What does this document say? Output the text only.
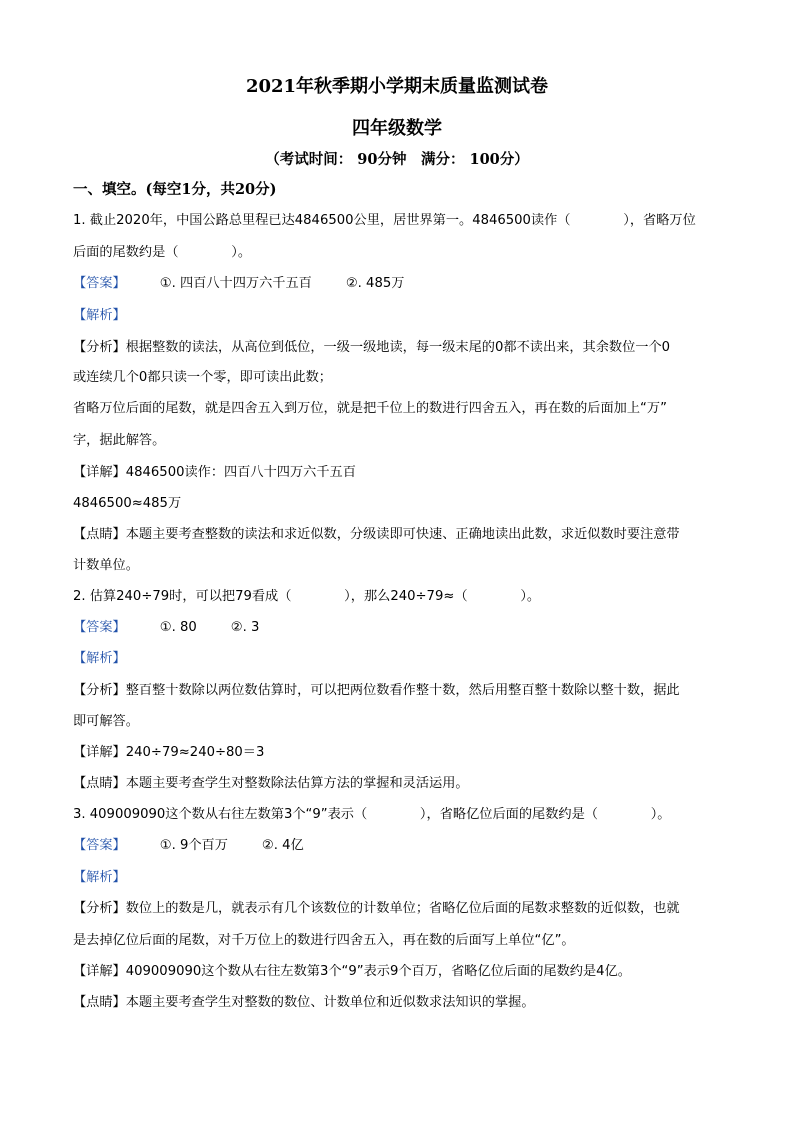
2021年秋季期小学期末质量监测试卷
四年级数学
（考试时间： 90分钟　满分： 100分）
一、填空。(每空1分，共20分)
1. 截止2020年，中国公路总里程已达4846500公里，居世界第一。4846500读作（　　　　），省略万位
后面的尾数约是（　　　　）。
【答案】	①. 四百八十四万六千五百	②. 485万
【解析】
【分析】根据整数的读法，从高位到低位，一级一级地读，每一级末尾的0都不读出来，其余数位一个0
或连续几个0都只读一个零，即可读出此数；
省略万位后面的尾数，就是四舍五入到万位，就是把千位上的数进行四舍五入，再在数的后面加上“万”
字，据此解答。
【详解】4846500读作：四百八十四万六千五百
4846500≈485万
【点睛】本题主要考查整数的读法和求近似数，分级读即可快速、正确地读出此数，求近似数时要注意带
计数单位。
2. 估算240÷79时，可以把79看成（　　　　），那么240÷79≈（　　　　）。
【答案】	①. 80	②. 3
【解析】
【分析】整百整十数除以两位数估算时，可以把两位数看作整十数，然后用整百整十数除以整十数，据此
即可解答。
【详解】240÷79≈240÷80＝3
【点睛】本题主要考查学生对整数除法估算方法的掌握和灵活运用。
3. 409009090这个数从右往左数第3个“9”表示（　　　　），省略亿位后面的尾数约是（　　　　）。
【答案】	①. 9个百万	②. 4亿
【解析】
【分析】数位上的数是几，就表示有几个该数位的计数单位；省略亿位后面的尾数求整数的近似数，也就
是去掉亿位后面的尾数，对千万位上的数进行四舍五入，再在数的后面写上单位“亿”。
【详解】409009090这个数从右往左数第3个“9”表示9个百万，省略亿位后面的尾数约是4亿。
【点睛】本题主要考查学生对整数的数位、计数单位和近似数求法知识的掌握。
